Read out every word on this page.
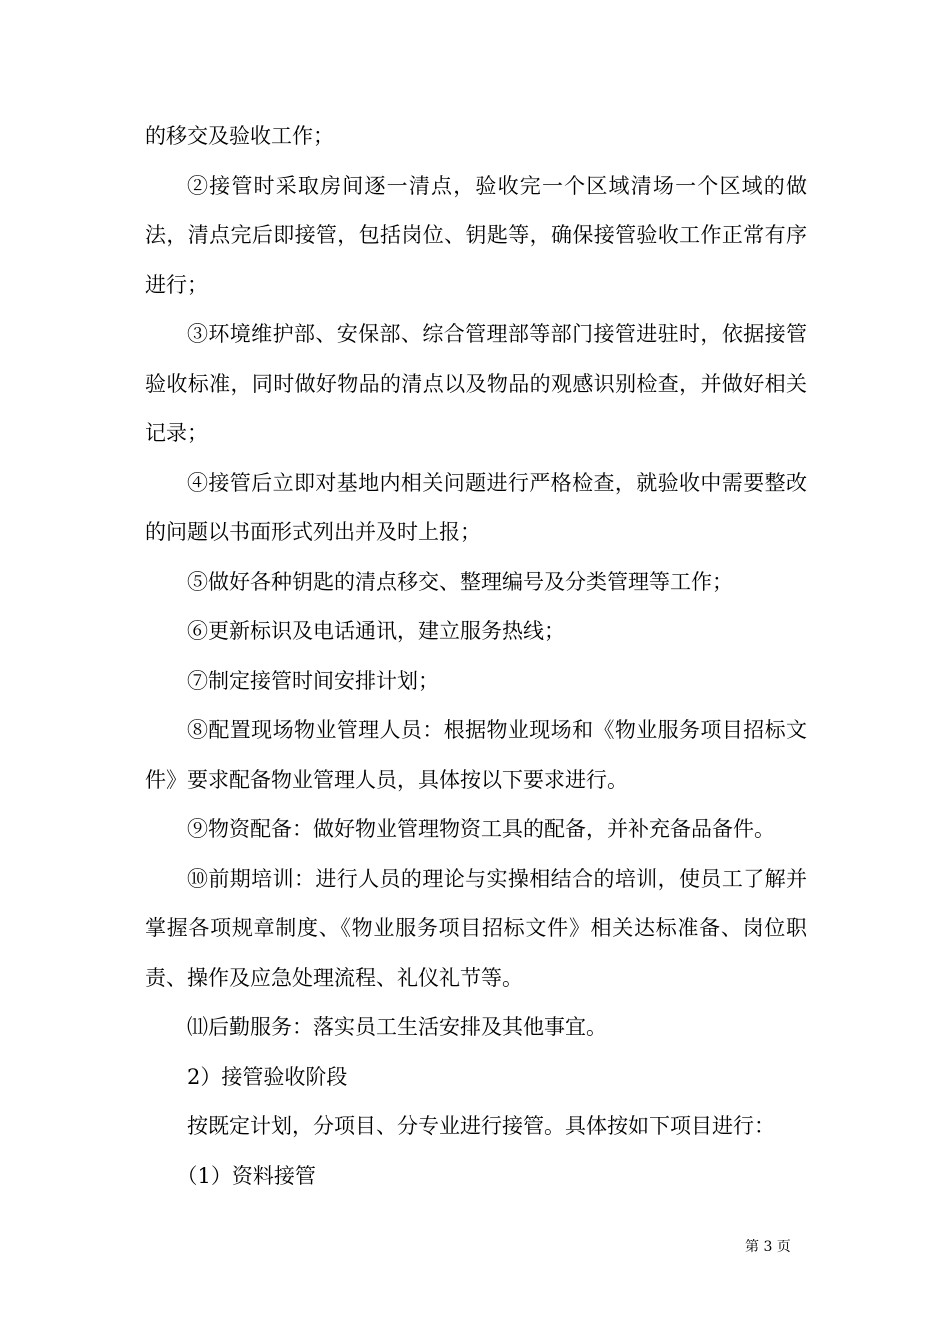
的移交及验收工作；

②接管时采取房间逐一清点，验收完一个区域清场一个区域的做法，清点完后即接管，包括岗位、钥匙等，确保接管验收工作正常有序进行；

③环境维护部、安保部、综合管理部等部门接管进驻时，依据接管验收标准，同时做好物品的清点以及物品的观感识别检查，并做好相关记录；

④接管后立即对基地内相关问题进行严格检查，就验收中需要整改的问题以书面形式列出并及时上报；

⑤做好各种钥匙的清点移交、整理编号及分类管理等工作；

⑥更新标识及电话通讯，建立服务热线；

⑦制定接管时间安排计划；

⑧配置现场物业管理人员：根据物业现场和《物业服务项目招标文件》要求配备物业管理人员，具体按以下要求进行。

⑨物资配备：做好物业管理物资工具的配备，并补充备品备件。

⑩前期培训：进行人员的理论与实操相结合的培训，使员工了解并掌握各项规章制度、《物业服务项目招标文件》相关达标准备、岗位职责、操作及应急处理流程、礼仪礼节等。

⑾后勤服务：落实员工生活安排及其他事宜。

2）接管验收阶段

按既定计划，分项目、分专业进行接管。具体按如下项目进行：

（1）资料接管

第 3 页
